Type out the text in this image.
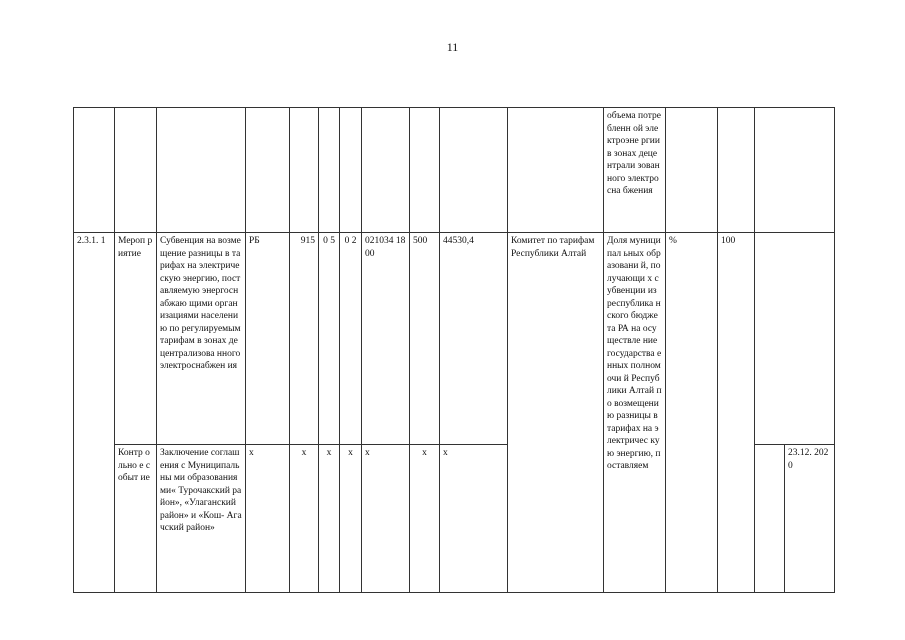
11
											объема потребленн ой электроэне ргии в зонах децентрали зованного электросна бжения				
2.3.1. 1	Мероп риятие	Субвенция на возмещение разницы в тарифах на электрическую энергию, поставляемую энергоснабжаю щими организациями населению по регулируемым тарифам в зонах децентрализова нного электроснабжен ия	РБ	915	0 5	0 2	021034 1800	500	44530,4	Комитет по тарифам Республики Алтай	Доля муниципал ьных образовани й, получающи х субвенции из республика нского бюджета РА на осуществле ние государства енных полномочи й Республики Алтай по возмещени ю разницы в тарифах на электричес кую энергию, поставляем	%	100		
	Контр ольно е событ ие	Заключение соглашения с Муниципальны ми образованиями« Турочакский район», «Улаганский район» и «Кош- Агачский район»	х	х	х	х	х	х	х						23.12. 2020
